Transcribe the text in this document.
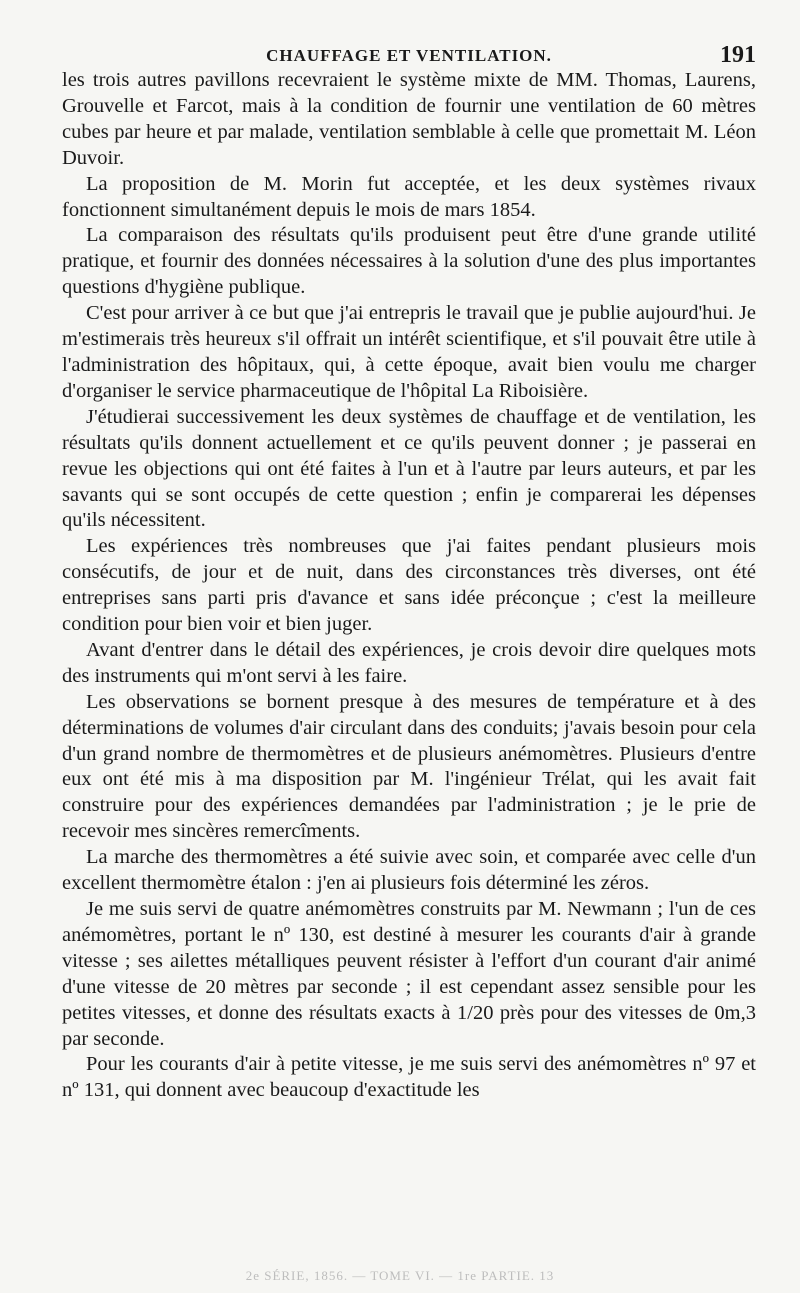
CHAUFFAGE ET VENTILATION.	191

les trois autres pavillons recevraient le système mixte de MM. Thomas, Laurens, Grouvelle et Farcot, mais à la condition de fournir une ventilation de 60 mètres cubes par heure et par malade, ventilation semblable à celle que promettait M. Léon Duvoir.

La proposition de M. Morin fut acceptée, et les deux systèmes rivaux fonctionnent simultanément depuis le mois de mars 1854.

La comparaison des résultats qu'ils produisent peut être d'une grande utilité pratique, et fournir des données nécessaires à la solution d'une des plus importantes questions d'hygiène publique.

C'est pour arriver à ce but que j'ai entrepris le travail que je publie aujourd'hui. Je m'estimerais très heureux s'il offrait un intérêt scientifique, et s'il pouvait être utile à l'administration des hôpitaux, qui, à cette époque, avait bien voulu me charger d'organiser le service pharmaceutique de l'hôpital La Riboisière.

J'étudierai successivement les deux systèmes de chauffage et de ventilation, les résultats qu'ils donnent actuellement et ce qu'ils peuvent donner ; je passerai en revue les objections qui ont été faites à l'un et à l'autre par leurs auteurs, et par les savants qui se sont occupés de cette question ; enfin je comparerai les dépenses qu'ils nécessitent.

Les expériences très nombreuses que j'ai faites pendant plusieurs mois consécutifs, de jour et de nuit, dans des circonstances très diverses, ont été entreprises sans parti pris d'avance et sans idée préconçue ; c'est la meilleure condition pour bien voir et bien juger.

Avant d'entrer dans le détail des expériences, je crois devoir dire quelques mots des instruments qui m'ont servi à les faire.

Les observations se bornent presque à des mesures de température et à des déterminations de volumes d'air circulant dans des conduits; j'avais besoin pour cela d'un grand nombre de thermomètres et de plusieurs anémomètres. Plusieurs d'entre eux ont été mis à ma disposition par M. l'ingénieur Trélat, qui les avait fait construire pour des expériences demandées par l'administration ; je le prie de recevoir mes sincères remercîments.

La marche des thermomètres a été suivie avec soin, et comparée avec celle d'un excellent thermomètre étalon : j'en ai plusieurs fois déterminé les zéros.

Je me suis servi de quatre anémomètres construits par M. Newmann ; l'un de ces anémomètres, portant le nº 130, est destiné à mesurer les courants d'air à grande vitesse ; ses ailettes métalliques peuvent résister à l'effort d'un courant d'air animé d'une vitesse de 20 mètres par seconde ; il est cependant assez sensible pour les petites vitesses, et donne des résultats exacts à 1/20 près pour des vitesses de 0m,3 par seconde.

Pour les courants d'air à petite vitesse, je me suis servi des anémomètres nº 97 et nº 131, qui donnent avec beaucoup d'exactitude les

2e SÉRIE, 1856. — TOME VI. — 1re PARTIE. 13
